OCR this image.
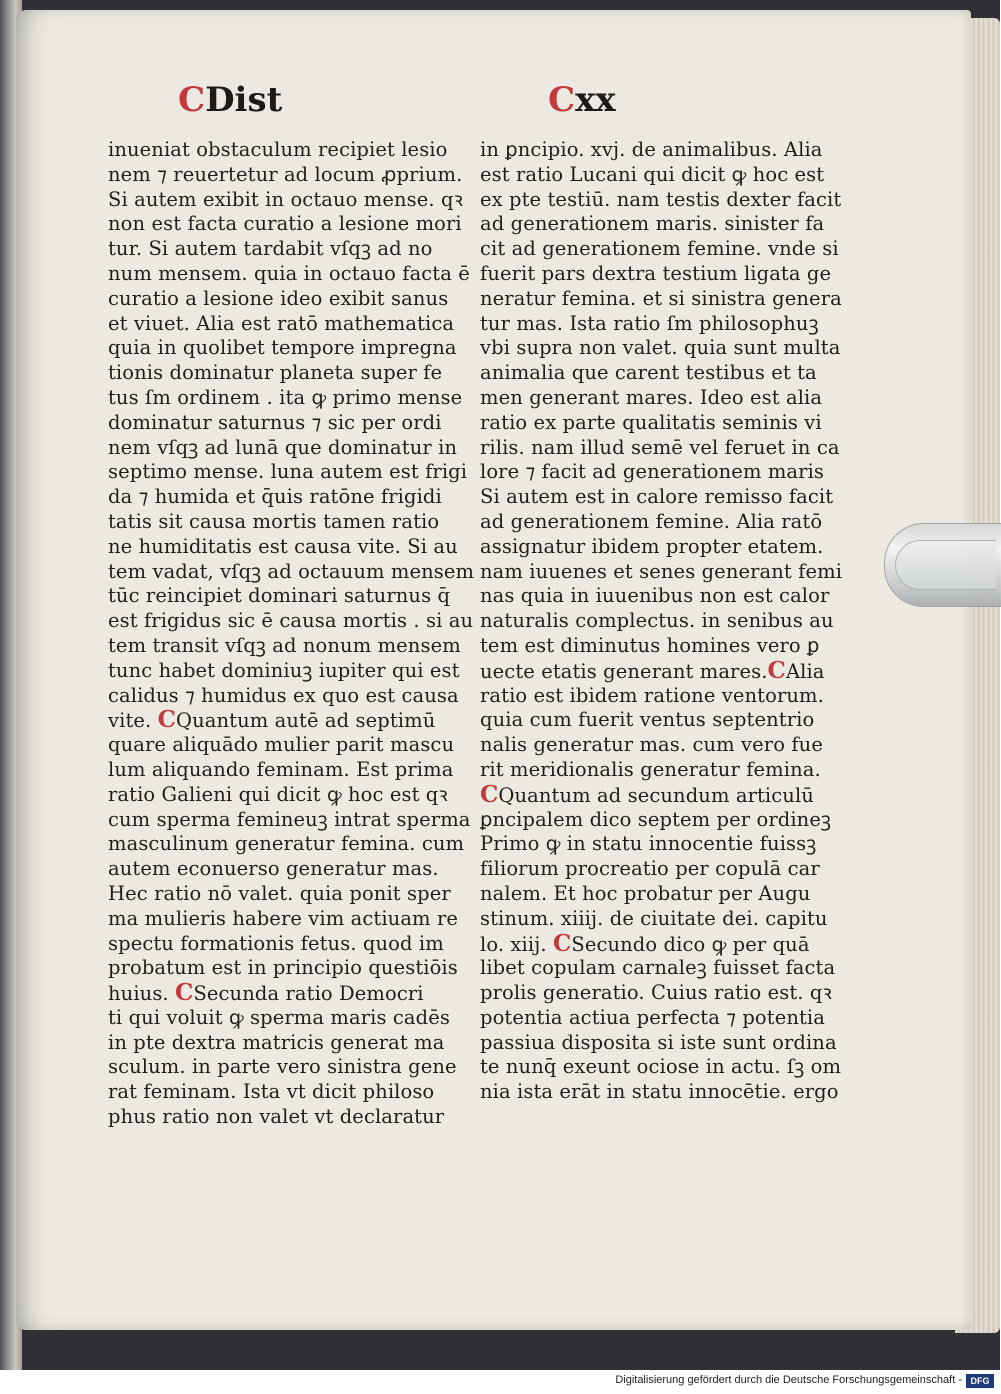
CDist	Cxx
inueniat obstaculum recipiet lesio
nem ⁊ reuertetur ad locum ꝓprium.
Si autem exibit in octauo mense. qꝛ
non est facta curatio a lesione mori
tur. Si autem tardabit vſqꝫ ad no
num mensem. quia in octauo facta ē
curatio a lesione ideo exibit sanus
et viuet. Alia est ratō mathematica
quia in quolibet tempore impregna
tionis dominatur planeta super fe
tus ſm ordinem . ita ꝙ primo mense
dominatur saturnus ⁊ sic per ordi
nem vſqꝫ ad lunā que dominatur in
septimo mense. luna autem est frigi
da ⁊ humida et q̄uis ratōne frigidi
tatis sit causa mortis tamen ratio
ne humiditatis est causa vite. Si au
tem vadat, vſqꝫ ad octauum mensem
tūc reincipiet dominari saturnus q̄
est frigidus sic ē causa mortis . si au
tem transit vſqꝫ ad nonum mensem
tunc habet dominiuꝫ iupiter qui est
calidus ⁊ humidus ex quo est causa
vite. CQuantum autē ad septimū
quare aliquādo mulier parit mascu
lum aliquando feminam. Est prima
ratio Galieni qui dicit ꝙ hoc est qꝛ
cum sperma femineuꝫ intrat sperma
masculinum generatur femina. cum
autem econuerso generatur mas.
Hec ratio nō valet. quia ponit sper
ma mulieris habere vim actiuam re
spectu formationis fetus. quod im
probatum est in principio questiōis
huius. CSecunda ratio Democri
ti qui voluit ꝙ sperma maris cadēs
in pte dextra matricis generat ma
sculum. in parte vero sinistra gene
rat feminam. Ista vt dicit philoso
phus ratio non valet vt declaratur
in ꝑncipio. xvj. de animalibus. Alia
est ratio Lucani qui dicit ꝙ hoc est
ex pte testiū. nam testis dexter facit
ad generationem maris. sinister fa
cit ad generationem femine. vnde si
fuerit pars dextra testium ligata ge
neratur femina. et si sinistra genera
tur mas. Ista ratio ſm philosophuꝫ
vbi supra non valet. quia sunt multa
animalia que carent testibus et ta
men generant mares. Ideo est alia
ratio ex parte qualitatis seminis vi
rilis. nam illud semē vel feruet in ca
lore ⁊ facit ad generationem maris
Si autem est in calore remisso facit
ad generationem femine. Alia ratō
assignatur ibidem propter etatem.
nam iuuenes et senes generant femi
nas quia in iuuenibus non est calor
naturalis complectus. in senibus au
tem est diminutus homines vero ꝑ
uecte etatis generant mares.CAlia
ratio est ibidem ratione ventorum.
quia cum fuerit ventus septentrio
nalis generatur mas. cum vero fue
rit meridionalis generatur femina.
CQuantum ad secundum articulū
ꝑncipalem dico septem per ordineꝫ
Primo ꝙ in statu innocentie fuissꝫ
filiorum procreatio per copulā car
nalem. Et hoc probatur per Augu
stinum. xiiij. de ciuitate dei. capitu
lo. xiij. CSecundo dico ꝙ per quā
libet copulam carnaleꝫ fuisset facta
prolis generatio. Cuius ratio est. qꝛ
potentia actiua perfecta ⁊ potentia
passiua disposita si iste sunt ordina
te nunq̄ exeunt ociose in actu. ſꝫ om
nia ista erāt in statu innocētie. ergo
Digitalisierung gefördert durch die Deutsche Forschungsgemeinschaft - DFG
